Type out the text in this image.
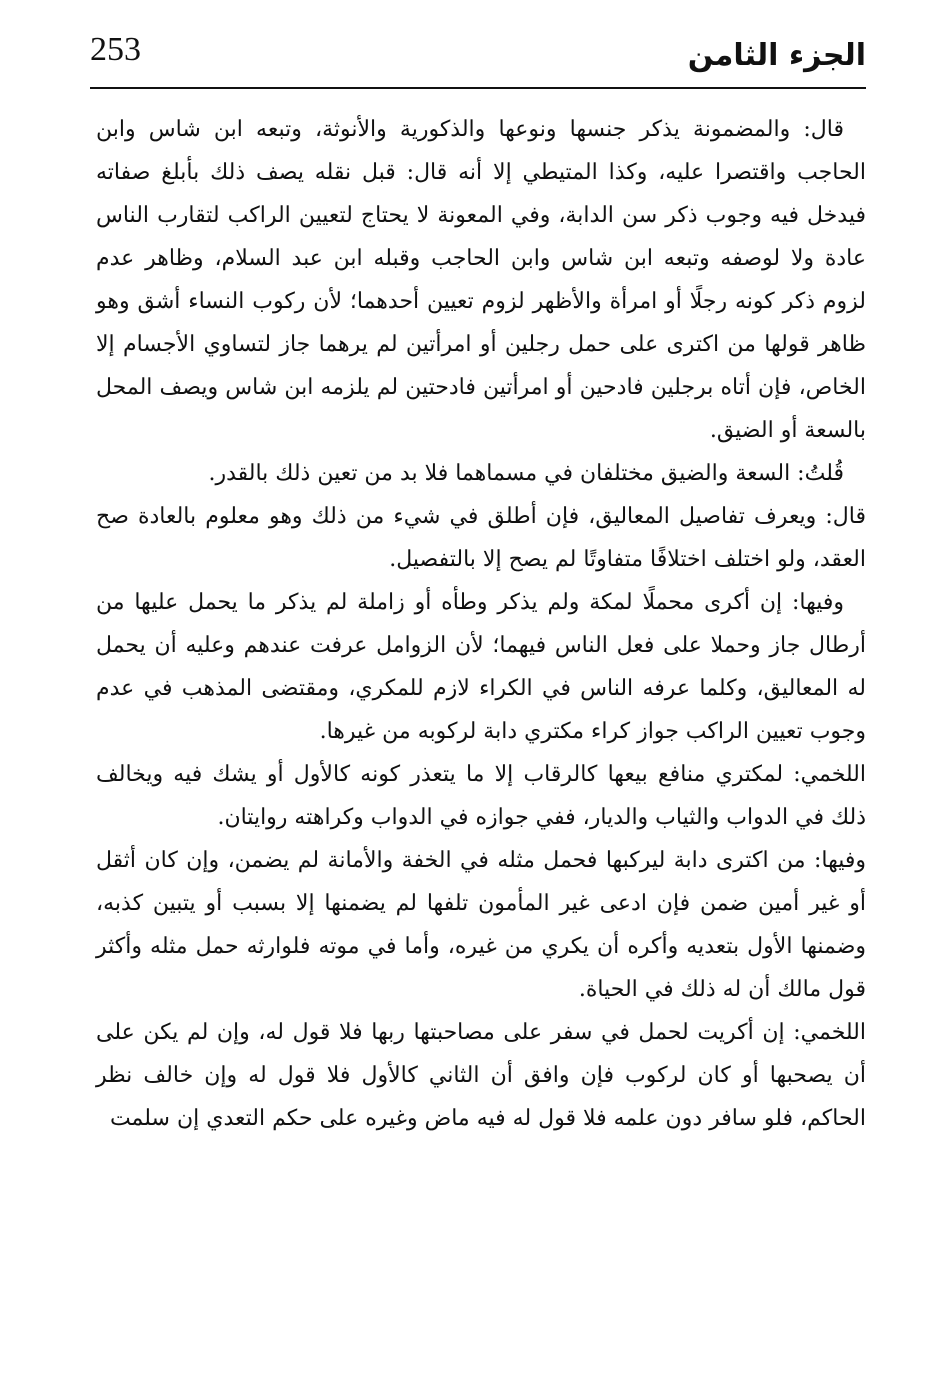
الجزء الثامن
253

قال: والمضمونة يذكر جنسها ونوعها والذكورية والأنوثة، وتبعه ابن شاس وابن الحاجب واقتصرا عليه، وكذا المتيطي إلا أنه قال: قبل نقله يصف ذلك بأبلغ صفاته فيدخل فيه وجوب ذكر سن الدابة، وفي المعونة لا يحتاج لتعيين الراكب لتقارب الناس عادة ولا لوصفه وتبعه ابن شاس وابن الحاجب وقبله ابن عبد السلام، وظاهر عدم لزوم ذكر كونه رجلًا أو امرأة والأظهر لزوم تعيين أحدهما؛ لأن ركوب النساء أشق وهو ظاهر قولها من اكترى على حمل رجلين أو امرأتين لم يرهما جاز لتساوي الأجسام إلا الخاص، فإن أتاه برجلين فادحين أو امرأتين فادحتين لم يلزمه ابن شاس ويصف المحل بالسعة أو الضيق.

قُلتُ: السعة والضيق مختلفان في مسماهما فلا بد من تعين ذلك بالقدر.

قال: ويعرف تفاصيل المعاليق، فإن أطلق في شيء من ذلك وهو معلوم بالعادة صح العقد، ولو اختلف اختلافًا متفاوتًا لم يصح إلا بالتفصيل.

وفيها: إن أكرى محملًا لمكة ولم يذكر وطأه أو زاملة لم يذكر ما يحمل عليها من أرطال جاز وحملا على فعل الناس فيهما؛ لأن الزوامل عرفت عندهم وعليه أن يحمل له المعاليق، وكلما عرفه الناس في الكراء لازم للمكري، ومقتضى المذهب في عدم وجوب تعيين الراكب جواز كراء مكتري دابة لركوبه من غيرها.

اللخمي: لمكتري منافع بيعها كالرقاب إلا ما يتعذر كونه كالأول أو يشك فيه ويخالف ذلك في الدواب والثياب والديار، ففي جوازه في الدواب وكراهته روايتان.

وفيها: من اكترى دابة ليركبها فحمل مثله في الخفة والأمانة لم يضمن، وإن كان أثقل أو غير أمين ضمن فإن ادعى غير المأمون تلفها لم يضمنها إلا بسبب أو يتبين كذبه، وضمنها الأول بتعديه وأكره أن يكري من غيره، وأما في موته فلوارثه حمل مثله وأكثر قول مالك أن له ذلك في الحياة.

اللخمي: إن أكريت لحمل في سفر على مصاحبتها ربها فلا قول له، وإن لم يكن على أن يصحبها أو كان لركوب فإن وافق أن الثاني كالأول فلا قول له وإن خالف نظر الحاكم، فلو سافر دون علمه فلا قول له فيه ماض وغيره على حكم التعدي إن سلمت
